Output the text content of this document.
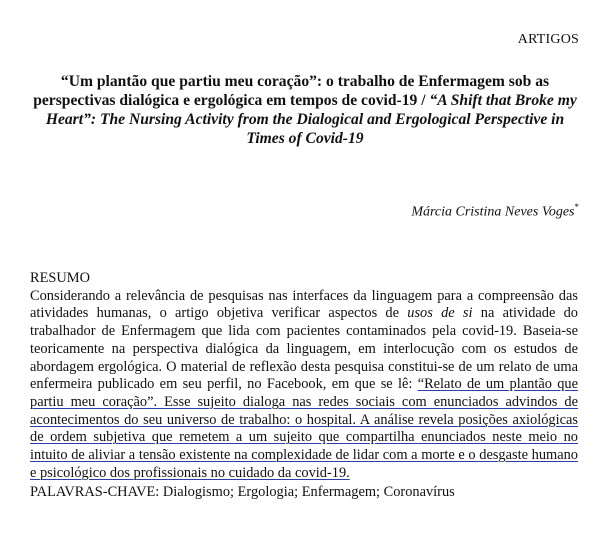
ARTIGOS
“Um plantão que partiu meu coração”: o trabalho de Enfermagem sob as perspectivas dialógica e ergológica em tempos de covid-19 / “A Shift that Broke my Heart”: The Nursing Activity from the Dialogical and Ergological Perspective in Times of Covid-19
Márcia Cristina Neves Voges*
RESUMO
Considerando a relevância de pesquisas nas interfaces da linguagem para a compreensão das atividades humanas, o artigo objetiva verificar aspectos de usos de si na atividade do trabalhador de Enfermagem que lida com pacientes contaminados pela covid-19. Baseia-se teoricamente na perspectiva dialógica da linguagem, em interlocução com os estudos de abordagem ergológica. O material de reflexão desta pesquisa constitui-se de um relato de uma enfermeira publicado em seu perfil, no Facebook, em que se lê: “Relato de um plantão que partiu meu coração”. Esse sujeito dialoga nas redes sociais com enunciados advindos de acontecimentos do seu universo de trabalho: o hospital. A análise revela posições axiológicas de ordem subjetiva que remetem a um sujeito que compartilha enunciados neste meio no intuito de aliviar a tensão existente na complexidade de lidar com a morte e o desgaste humano e psicológico dos profissionais no cuidado da covid-19.
PALAVRAS-CHAVE: Dialogismo; Ergologia; Enfermagem; Coronavírus
